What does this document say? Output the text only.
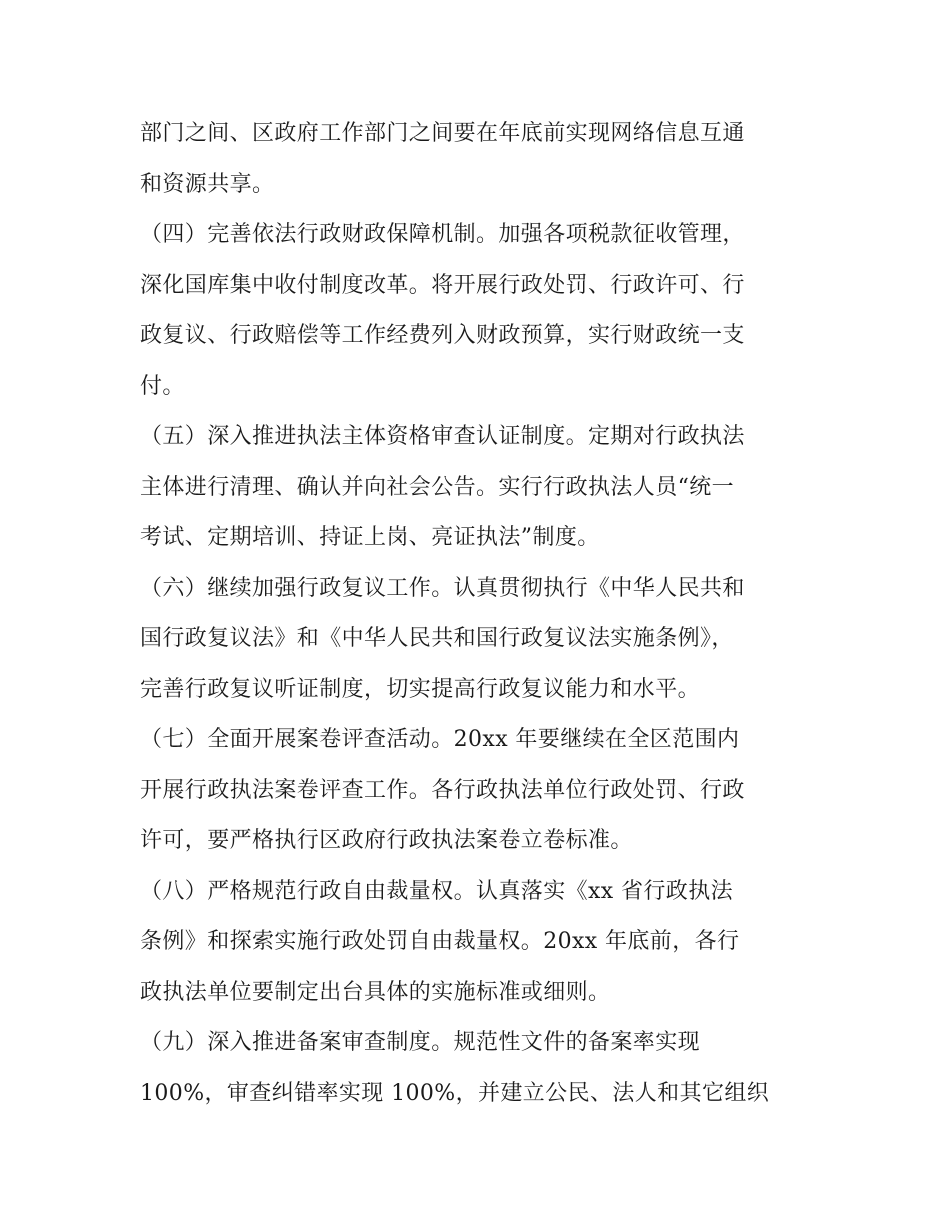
部门之间、区政府工作部门之间要在年底前实现网络信息互通
和资源共享。
（四）完善依法行政财政保障机制。加强各项税款征收管理，
深化国库集中收付制度改革。将开展行政处罚、行政许可、行
政复议、行政赔偿等工作经费列入财政预算，实行财政统一支
付。
（五）深入推进执法主体资格审查认证制度。定期对行政执法
主体进行清理、确认并向社会公告。实行行政执法人员“统一
考试、定期培训、持证上岗、亮证执法”制度。
（六）继续加强行政复议工作。认真贯彻执行《中华人民共和
国行政复议法》和《中华人民共和国行政复议法实施条例》，
完善行政复议听证制度，切实提高行政复议能力和水平。
（七）全面开展案卷评查活动。20xx 年要继续在全区范围内
开展行政执法案卷评查工作。各行政执法单位行政处罚、行政
许可，要严格执行区政府行政执法案卷立卷标准。
（八）严格规范行政自由裁量权。认真落实《xx 省行政执法
条例》和探索实施行政处罚自由裁量权。20xx 年底前，各行
政执法单位要制定出台具体的实施标准或细则。
（九）深入推进备案审查制度。规范性文件的备案率实现
100%，审查纠错率实现 100%，并建立公民、法人和其它组织
